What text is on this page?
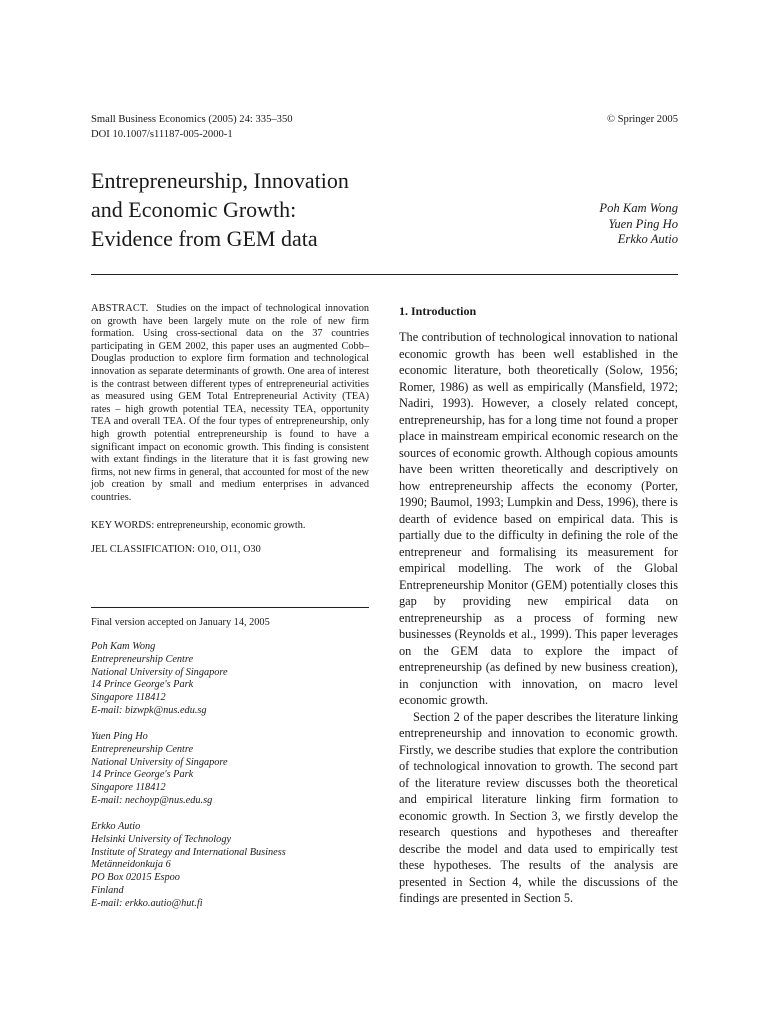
Small Business Economics (2005) 24: 335–350
DOI 10.1007/s11187-005-2000-1
© Springer 2005
Entrepreneurship, Innovation
and Economic Growth:
Evidence from GEM data
Poh Kam Wong
Yuen Ping Ho
Erkko Autio

ABSTRACT. Studies on the impact of technological innovation on growth have been largely mute on the role of new firm formation. Using cross-sectional data on the 37 countries participating in GEM 2002, this paper uses an augmented Cobb–Douglas production to explore firm formation and technological innovation as separate determinants of growth. One area of interest is the contrast between different types of entrepreneurial activities as measured using GEM Total Entrepreneurial Activity (TEA) rates – high growth potential TEA, necessity TEA, opportunity TEA and overall TEA. Of the four types of entrepreneurship, only high growth potential entrepreneurship is found to have a significant impact on economic growth. This finding is consistent with extant findings in the literature that it is fast growing new firms, not new firms in general, that accounted for most of the new job creation by small and medium enterprises in advanced countries.

KEY WORDS: entrepreneurship, economic growth.

JEL CLASSIFICATION: O10, O11, O30

Final version accepted on January 14, 2005
Poh Kam Wong
Entrepreneurship Centre
National University of Singapore
14 Prince George's Park
Singapore 118412
E-mail: bizwpk@nus.edu.sg
Yuen Ping Ho
Entrepreneurship Centre
National University of Singapore
14 Prince George's Park
Singapore 118412
E-mail: nechoyp@nus.edu.sg
Erkko Autio
Helsinki University of Technology
Institute of Strategy and International Business
Metänneidonkuja 6
PO Box 02015 Espoo
Finland
E-mail: erkko.autio@hut.fi
1. Introduction

The contribution of technological innovation to national economic growth has been well established in the economic literature, both theoretically (Solow, 1956; Romer, 1986) as well as empirically (Mansfield, 1972; Nadiri, 1993). However, a closely related concept, entrepreneurship, has for a long time not found a proper place in mainstream empirical economic research on the sources of economic growth. Although copious amounts have been written theoretically and descriptively on how entrepreneurship affects the economy (Porter, 1990; Baumol, 1993; Lumpkin and Dess, 1996), there is dearth of evidence based on empirical data. This is partially due to the difficulty in defining the role of the entrepreneur and formalising its measurement for empirical modelling. The work of the Global Entrepreneurship Monitor (GEM) potentially closes this gap by providing new empirical data on entrepreneurship as a process of forming new businesses (Reynolds et al., 1999). This paper leverages on the GEM data to explore the impact of entrepreneurship (as defined by new business creation), in conjunction with innovation, on macro level economic growth.

Section 2 of the paper describes the literature linking entrepreneurship and innovation to economic growth. Firstly, we describe studies that explore the contribution of technological innovation to growth. The second part of the literature review discusses both the theoretical and empirical literature linking firm formation to economic growth. In Section 3, we firstly develop the research questions and hypotheses and thereafter describe the model and data used to empirically test these hypotheses. The results of the analysis are presented in Section 4, while the discussions of the findings are presented in Section 5.
